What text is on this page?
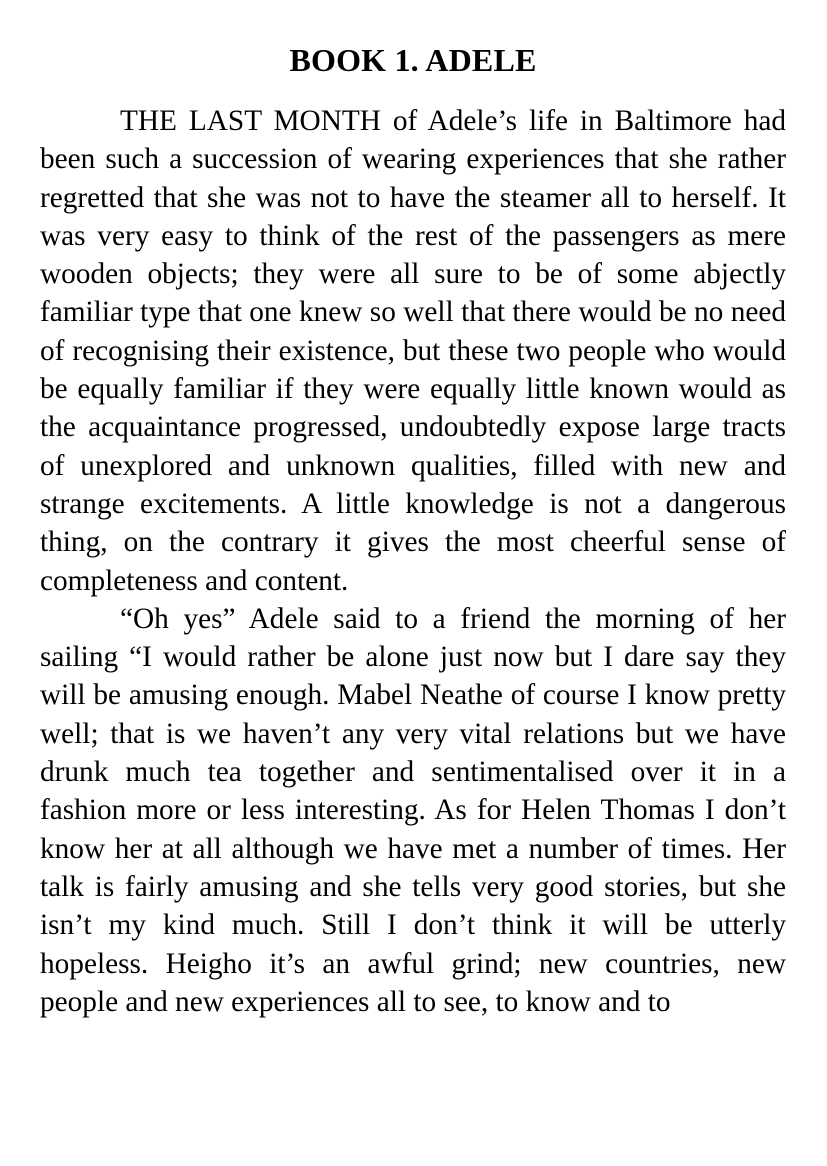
BOOK 1. ADELE

THE LAST MONTH of Adele’s life in Baltimore had been such a succession of wearing experiences that she rather regretted that she was not to have the steamer all to herself. It was very easy to think of the rest of the passengers as mere wooden objects; they were all sure to be of some abjectly familiar type that one knew so well that there would be no need of recognising their existence, but these two people who would be equally familiar if they were equally little known would as the acquaintance progressed, undoubtedly expose large tracts of unexplored and unknown qualities, filled with new and strange excitements. A little knowledge is not a dangerous thing, on the contrary it gives the most cheerful sense of completeness and content.

“Oh yes” Adele said to a friend the morning of her sailing “I would rather be alone just now but I dare say they will be amusing enough. Mabel Neathe of course I know pretty well; that is we haven’t any very vital relations but we have drunk much tea together and sentimentalised over it in a fashion more or less interesting. As for Helen Thomas I don’t know her at all although we have met a number of times. Her talk is fairly amusing and she tells very good stories, but she isn’t my kind much. Still I don’t think it will be utterly hopeless. Heigho it’s an awful grind; new countries, new people and new experiences all to see, to know and to
